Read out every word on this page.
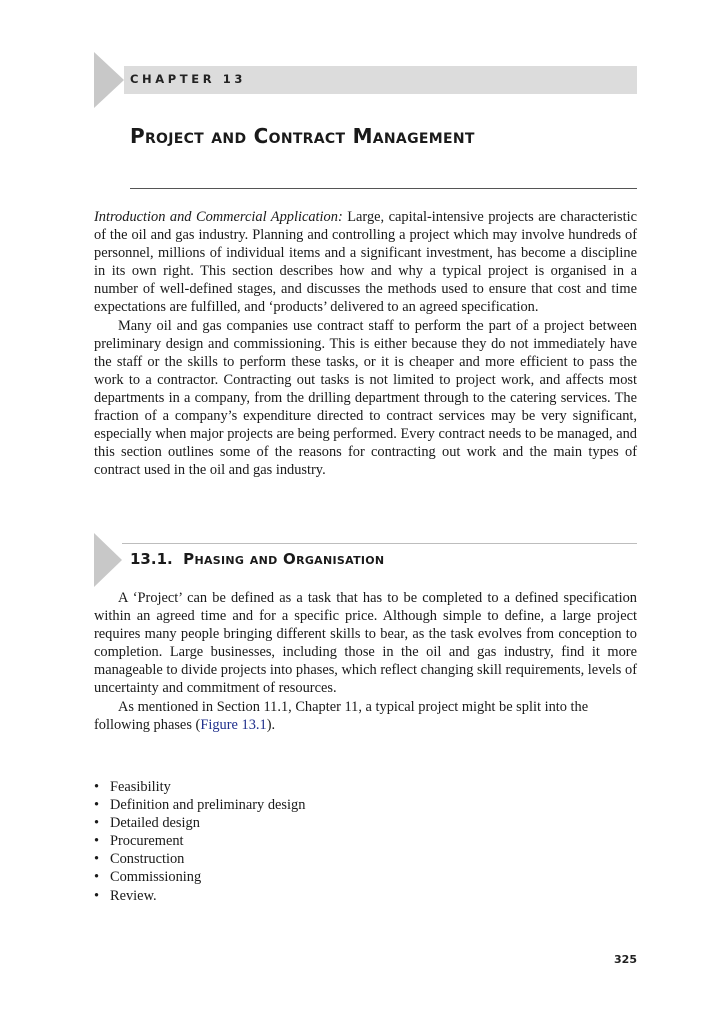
CHAPTER 13
Project and Contract Management

Introduction and Commercial Application: Large, capital-intensive projects are characteristic of the oil and gas industry. Planning and controlling a project which may involve hundreds of personnel, millions of individual items and a significant investment, has become a discipline in its own right. This section describes how and why a typical project is organised in a number of well-defined stages, and discusses the methods used to ensure that cost and time expectations are fulfilled, and ‘products’ delivered to an agreed specification.

Many oil and gas companies use contract staff to perform the part of a project between preliminary design and commissioning. This is either because they do not immediately have the staff or the skills to perform these tasks, or it is cheaper and more efficient to pass the work to a contractor. Contracting out tasks is not limited to project work, and affects most departments in a company, from the drilling department through to the catering services. The fraction of a company’s expenditure directed to contract services may be very significant, especially when major projects are being performed. Every contract needs to be managed, and this section outlines some of the reasons for contracting out work and the main types of contract used in the oil and gas industry.

13.1. Phasing and Organisation

A ‘Project’ can be defined as a task that has to be completed to a defined specification within an agreed time and for a specific price. Although simple to define, a large project requires many people bringing different skills to bear, as the task evolves from conception to completion. Large businesses, including those in the oil and gas industry, find it more manageable to divide projects into phases, which reflect changing skill requirements, levels of uncertainty and commitment of resources.

As mentioned in Section 11.1, Chapter 11, a typical project might be split into the following phases (Figure 13.1).

• Feasibility
• Definition and preliminary design
• Detailed design
• Procurement
• Construction
• Commissioning
• Review.
325
